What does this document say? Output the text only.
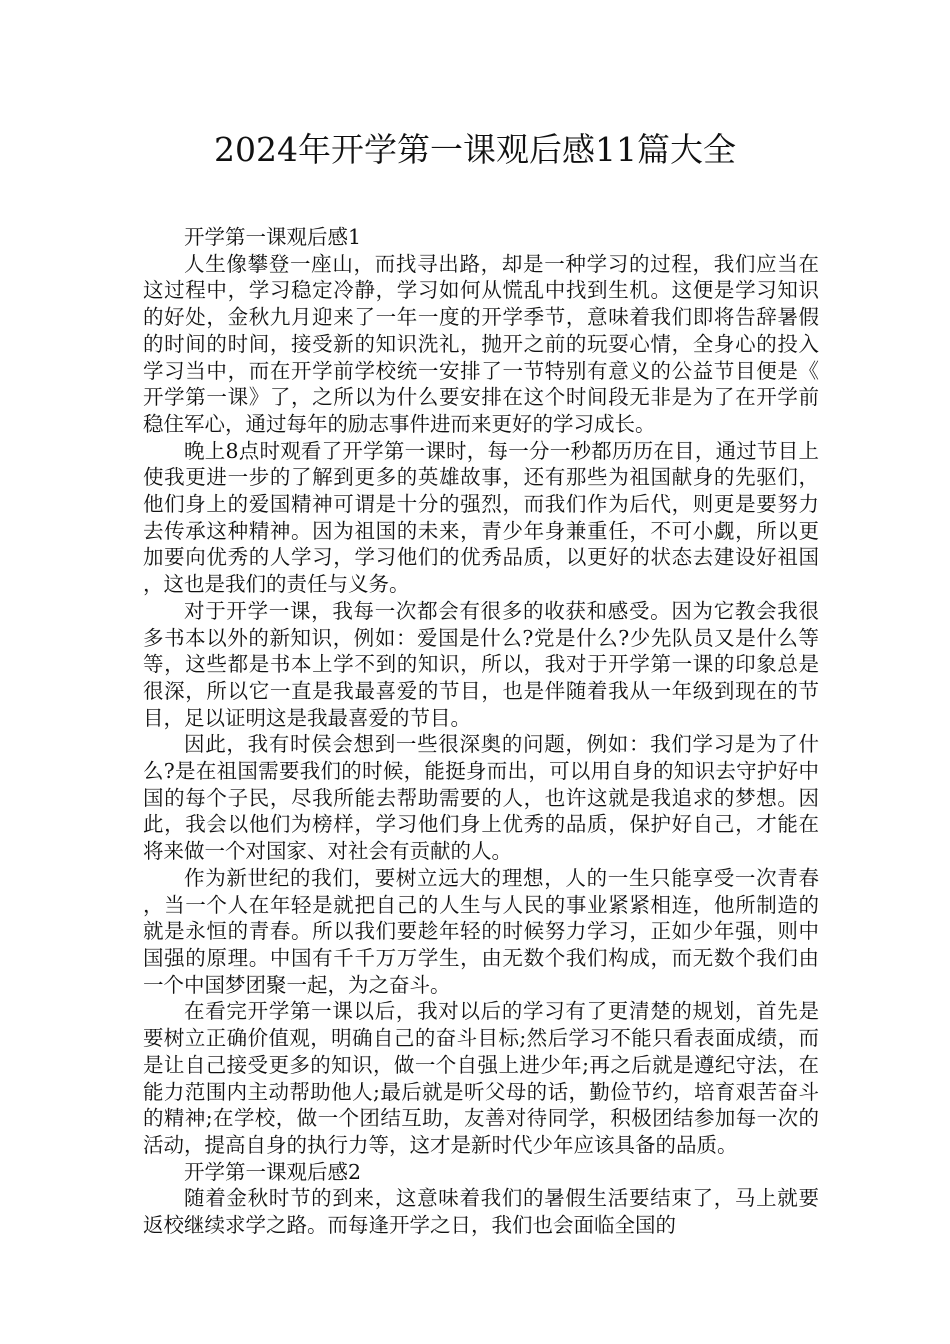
2024年开学第一课观后感11篇大全

开学第一课观后感1

人生像攀登一座山，而找寻出路，却是一种学习的过程，我们应当在这过程中，学习稳定冷静，学习如何从慌乱中找到生机。这便是学习知识的好处，金秋九月迎来了一年一度的开学季节，意味着我们即将告辞暑假的时间的时间，接受新的知识洗礼，抛开之前的玩耍心情，全身心的投入学习当中，而在开学前学校统一安排了一节特别有意义的公益节目便是《开学第一课》了，之所以为什么要安排在这个时间段无非是为了在开学前稳住军心，通过每年的励志事件进而来更好的学习成长。

晚上8点时观看了开学第一课时，每一分一秒都历历在目，通过节目上使我更进一步的了解到更多的英雄故事，还有那些为祖国献身的先驱们，他们身上的爱国精神可谓是十分的强烈，而我们作为后代，则更是要努力去传承这种精神。因为祖国的未来，青少年身兼重任，不可小觑，所以更加要向优秀的人学习，学习他们的优秀品质，以更好的状态去建设好祖国，这也是我们的责任与义务。

对于开学一课，我每一次都会有很多的收获和感受。因为它教会我很多书本以外的新知识，例如：爱国是什么?党是什么?少先队员又是什么等等，这些都是书本上学不到的知识，所以，我对于开学第一课的印象总是很深，所以它一直是我最喜爱的节目，也是伴随着我从一年级到现在的节目，足以证明这是我最喜爱的节目。

因此，我有时侯会想到一些很深奥的问题，例如：我们学习是为了什么?是在祖国需要我们的时候，能挺身而出，可以用自身的知识去守护好中国的每个子民，尽我所能去帮助需要的人，也许这就是我追求的梦想。因此，我会以他们为榜样，学习他们身上优秀的品质，保护好自己，才能在将来做一个对国家、对社会有贡献的人。

作为新世纪的我们，要树立远大的理想，人的一生只能享受一次青春，当一个人在年轻是就把自己的人生与人民的事业紧紧相连，他所制造的就是永恒的青春。所以我们要趁年轻的时候努力学习，正如少年强，则中国强的原理。中国有千千万万学生，由无数个我们构成，而无数个我们由一个中国梦团聚一起，为之奋斗。

在看完开学第一课以后，我对以后的学习有了更清楚的规划，首先是要树立正确价值观，明确自己的奋斗目标;然后学习不能只看表面成绩，而是让自己接受更多的知识，做一个自强上进少年;再之后就是遵纪守法，在能力范围内主动帮助他人;最后就是听父母的话，勤俭节约，培育艰苦奋斗的精神;在学校，做一个团结互助，友善对待同学，积极团结参加每一次的活动，提高自身的执行力等，这才是新时代少年应该具备的品质。

开学第一课观后感2

随着金秋时节的到来，这意味着我们的暑假生活要结束了，马上就要返校继续求学之路。而每逢开学之日，我们也会面临全国的
